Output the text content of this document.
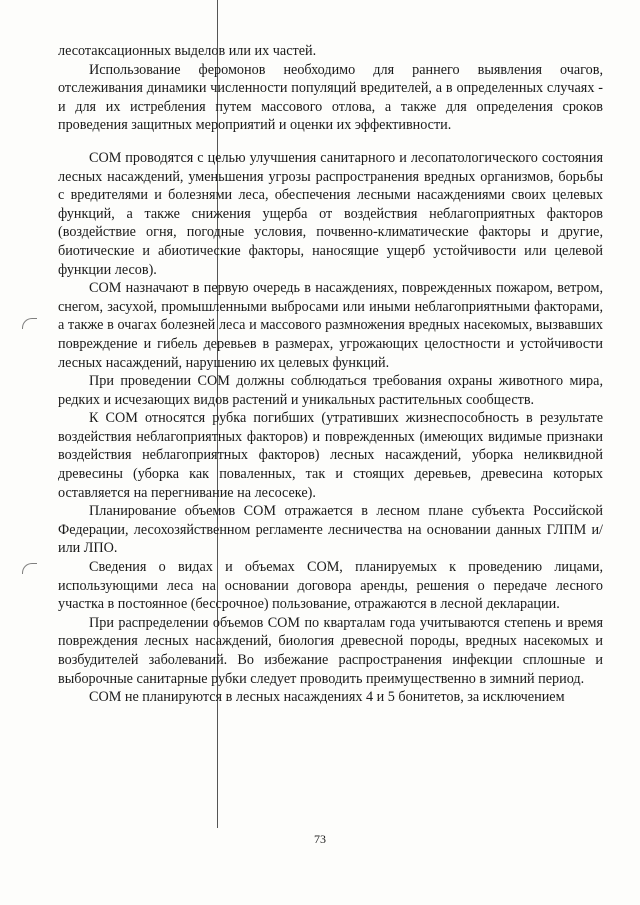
лесотаксационных выделов или их частей.

Использование феромонов необходимо для раннего выявления очагов, отслеживания динамики численности популяций вредителей, а в определенных случаях - и для их истребления путем массового отлова, а также для определения сроков проведения защитных мероприятий и оценки их эффективности.

СОМ проводятся с целью улучшения санитарного и лесопатологического состояния лесных насаждений, уменьшения угрозы распространения вредных организмов, борьбы с вредителями и болезнями леса, обеспечения лесными насаждениями своих целевых функций, а также снижения ущерба от воздействия неблагоприятных факторов (воздействие огня, погодные условия, почвенно-климатические факторы и другие, биотические и абиотические факторы, наносящие ущерб устойчивости или целевой функции лесов).

СОМ назначают в первую очередь в насаждениях, поврежденных пожаром, ветром, снегом, засухой, промышленными выбросами или иными неблагоприятными факторами, а также в очагах болезней леса и массового размножения вредных насекомых, вызвавших повреждение и гибель деревьев в размерах, угрожающих целостности и устойчивости лесных насаждений, нарушению их целевых функций.

При проведении СОМ должны соблюдаться требования охраны животного мира, редких и исчезающих видов растений и уникальных растительных сообществ.

К СОМ относятся рубка погибших (утративших жизнеспособность в результате воздействия неблагоприятных факторов) и поврежденных (имеющих видимые признаки воздействия неблагоприятных факторов) лесных насаждений, уборка неликвидной древесины (уборка как поваленных, так и стоящих деревьев, древесина которых оставляется на перегнивание на лесосеке).

Планирование объемов СОМ отражается в лесном плане субъекта Российской Федерации, лесохозяйственном регламенте лесничества на основании данных ГЛПМ и/или ЛПО.

Сведения о видах и объемах СОМ, планируемых к проведению лицами, использующими леса на основании договора аренды, решения о передаче лесного участка в постоянное (бессрочное) пользование, отражаются в лесной декларации.

При распределении объемов СОМ по кварталам года учитываются степень и время повреждения лесных насаждений, биология древесной породы, вредных насекомых и возбудителей заболеваний. Во избежание распространения инфекции сплошные и выборочные санитарные рубки следует проводить преимущественно в зимний период.

СОМ не планируются в лесных насаждениях 4 и 5 бонитетов, за исключением

73
